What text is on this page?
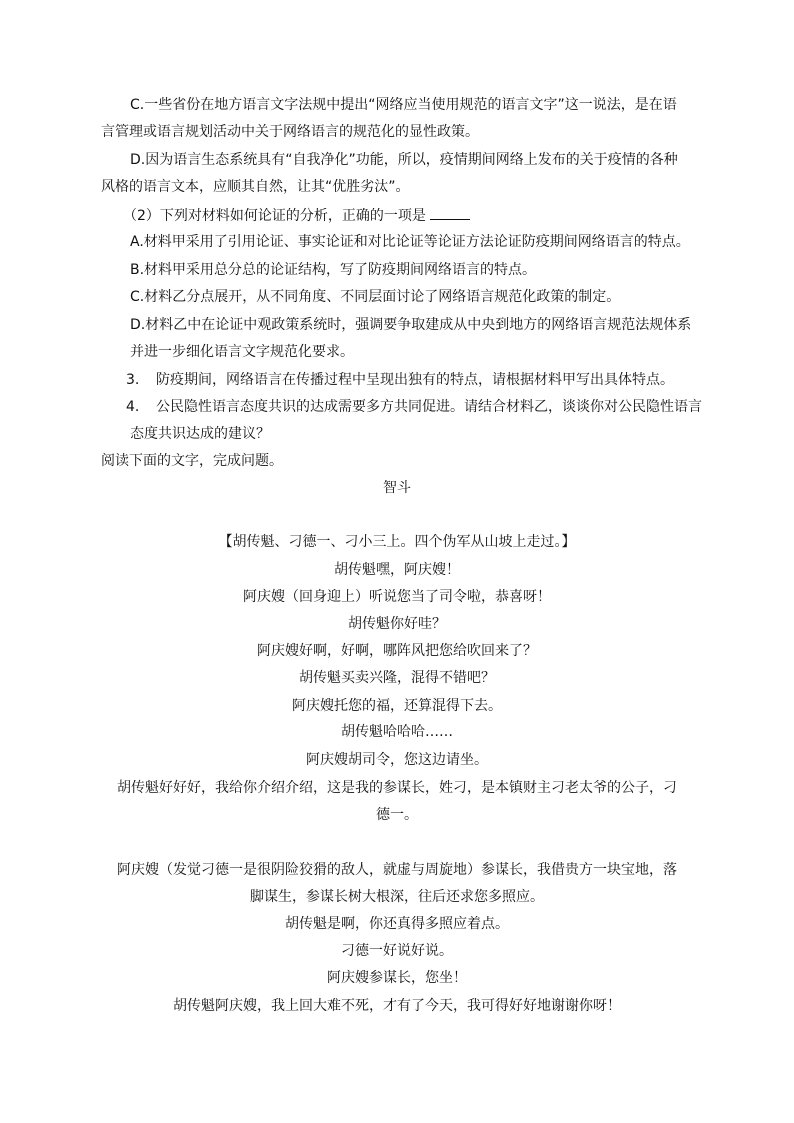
C.一些省份在地方语言文字法规中提出“网络应当使用规范的语言文字”这一说法，是在语
言管理或语言规划活动中关于网络语言的规范化的显性政策。
D.因为语言生态系统具有“自我净化”功能，所以，疫情期间网络上发布的关于疫情的各种
风格的语言文本，应顺其自然，让其“优胜劣汰”。
（2）下列对材料如何论证的分析，正确的一项是
A.材料甲采用了引用论证、事实论证和对比论证等论证方法论证防疫期间网络语言的特点。
B.材料甲采用总分总的论证结构，写了防疫期间网络语言的特点。
C.材料乙分点展开，从不同角度、不同层面讨论了网络语言规范化政策的制定。
D.材料乙中在论证中观政策系统时，强调要争取建成从中央到地方的网络语言规范法规体系
并进一步细化语言文字规范化要求。
3. 防疫期间，网络语言在传播过程中呈现出独有的特点，请根据材料甲写出具体特点。
4. 公民隐性语言态度共识的达成需要多方共同促进。请结合材料乙，谈谈你对公民隐性语言
态度共识达成的建议？
阅读下面的文字，完成问题。
智斗
【胡传魁、刁德一、刁小三上。四个伪军从山坡上走过。】
胡传魁嘿，阿庆嫂！
阿庆嫂（回身迎上）听说您当了司令啦，恭喜呀！
胡传魁你好哇？
阿庆嫂好啊，好啊，哪阵风把您给吹回来了？
胡传魁买卖兴隆，混得不错吧？
阿庆嫂托您的福，还算混得下去。
胡传魁哈哈哈……
阿庆嫂胡司令，您这边请坐。
胡传魁好好好，我给你介绍介绍，这是我的参谋长，姓刁，是本镇财主刁老太爷的公子，刁
德一。
阿庆嫂（发觉刁德一是很阴险狡猾的敌人，就虚与周旋地）参谋长，我借贵方一块宝地，落
脚谋生，参谋长树大根深，往后还求您多照应。
胡传魁是啊，你还真得多照应着点。
刁德一好说好说。
阿庆嫂参谋长，您坐！
胡传魁阿庆嫂，我上回大难不死，才有了今天，我可得好好地谢谢你呀！
